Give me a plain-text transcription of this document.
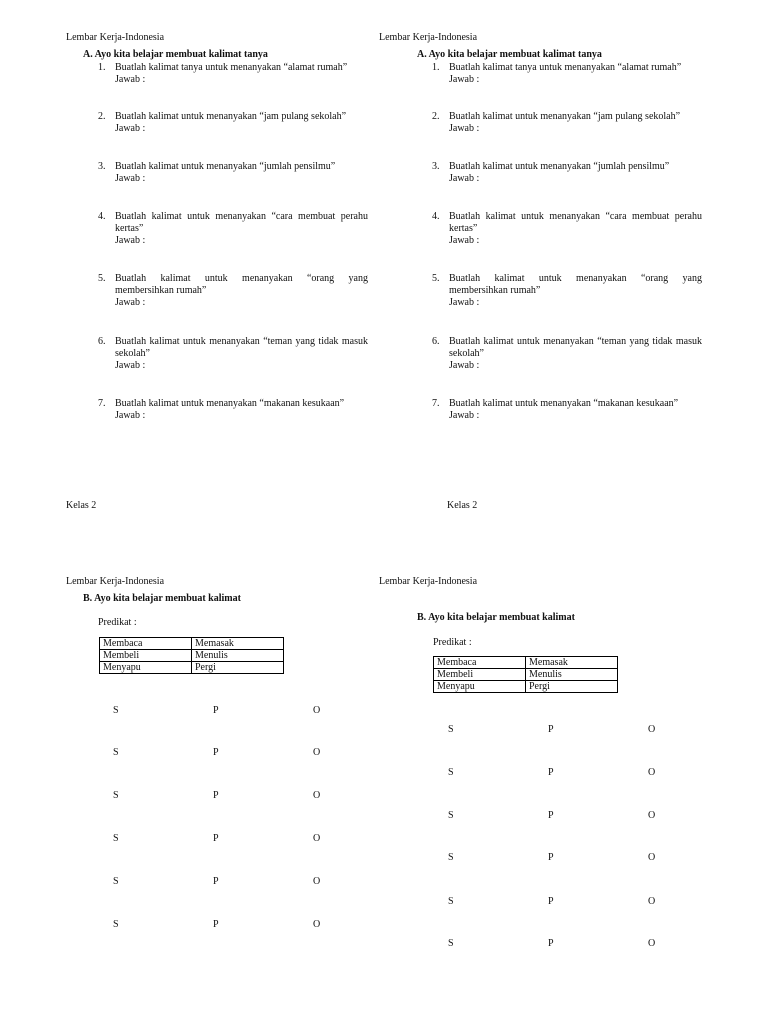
Lembar Kerja-Indonesia
A. Ayo kita belajar membuat kalimat tanya
1. Buatlah kalimat tanya untuk menanyakan “alamat rumah”
Jawab :
2. Buatlah kalimat untuk menanyakan “jam pulang sekolah”
Jawab :
3. Buatlah kalimat untuk menanyakan “jumlah pensilmu”
Jawab :
4. Buatlah kalimat untuk menanyakan “cara membuat perahu kertas”
Jawab :
5. Buatlah kalimat untuk menanyakan “orang yang membersihkan rumah”
Jawab :
6. Buatlah kalimat untuk menanyakan “teman yang tidak masuk sekolah”
Jawab :
7. Buatlah kalimat untuk menanyakan “makanan kesukaan”
Jawab :
Lembar Kerja-Indonesia
A. Ayo kita belajar membuat kalimat tanya
1. Buatlah kalimat tanya untuk menanyakan “alamat rumah”
Jawab :
2. Buatlah kalimat untuk menanyakan “jam pulang sekolah”
Jawab :
3. Buatlah kalimat untuk menanyakan “jumlah pensilmu”
Jawab :
4. Buatlah kalimat untuk menanyakan “cara membuat perahu kertas”
Jawab :
5. Buatlah kalimat untuk menanyakan “orang yang membersihkan rumah”
Jawab :
6. Buatlah kalimat untuk menanyakan “teman yang tidak masuk sekolah”
Jawab :
7. Buatlah kalimat untuk menanyakan “makanan kesukaan”
Jawab :
Kelas 2	Kelas 2
Lembar Kerja-Indonesia
B. Ayo kita belajar membuat kalimat
Predikat :
Membaca	Memasak
Membeli	Menulis
Menyapu	Pergi
S	P	O
S	P	O
S	P	O
S	P	O
S	P	O
S	P	O
Lembar Kerja-Indonesia
B. Ayo kita belajar membuat kalimat
Predikat :
Membaca	Memasak
Membeli	Menulis
Menyapu	Pergi
S	P	O
S	P	O
S	P	O
S	P	O
S	P	O
S	P	O
